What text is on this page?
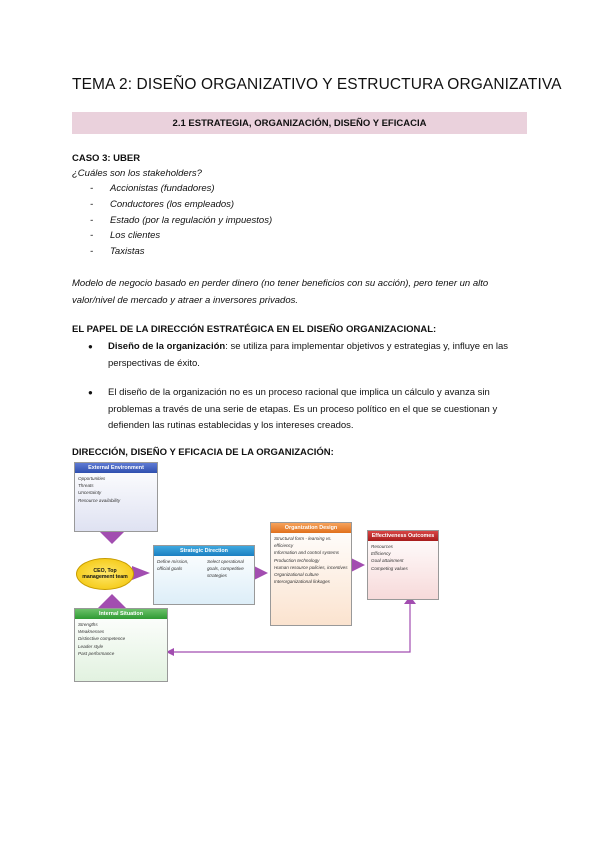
TEMA 2: DISEÑO ORGANIZATIVO Y ESTRUCTURA ORGANIZATIVA
2.1 ESTRATEGIA, ORGANIZACIÓN, DISEÑO Y EFICACIA
CASO 3: UBER
¿Cuáles son los stakeholders?
-	Accionistas (fundadores)
-	Conductores (los empleados)
-	Estado (por la regulación y impuestos)
-	Los clientes
-	Taxistas
Modelo de negocio basado en perder dinero (no tener beneficios con su acción), pero tener un alto valor/nivel de mercado y atraer a inversores privados.
EL PAPEL DE LA DIRECCIÓN ESTRATÉGICA EN EL DISEÑO ORGANIZACIONAL:
●	Diseño de la organización: se utiliza para implementar objetivos y estrategias y, influye en las perspectivas de éxito.
●	El diseño de la organización no es un proceso racional que implica un cálculo y avanza sin problemas a través de una serie de etapas. Es un proceso político en el que se cuestionan y defienden las rutinas establecidas y los intereses creados.
DIRECCIÓN, DISEÑO Y EFICACIA DE LA ORGANIZACIÓN:
External Environment
Opportunities
Threats
Uncertainty
Resource availability
CEO, Top management team
Internal Situation
Strengths
Weaknesses
Distinctive competence
Leader style
Past performance
Strategic Direction
Define mission, official goals
Select operational goals, competitive strategies
Organization Design
Structural form - learning vs. efficiency
Information and control systems
Production technology
Human resource policies, incentives
Organizational culture
Interorganizational linkages
Effectiveness Outcomes
Resources
Efficiency
Goal attainment
Competing values
